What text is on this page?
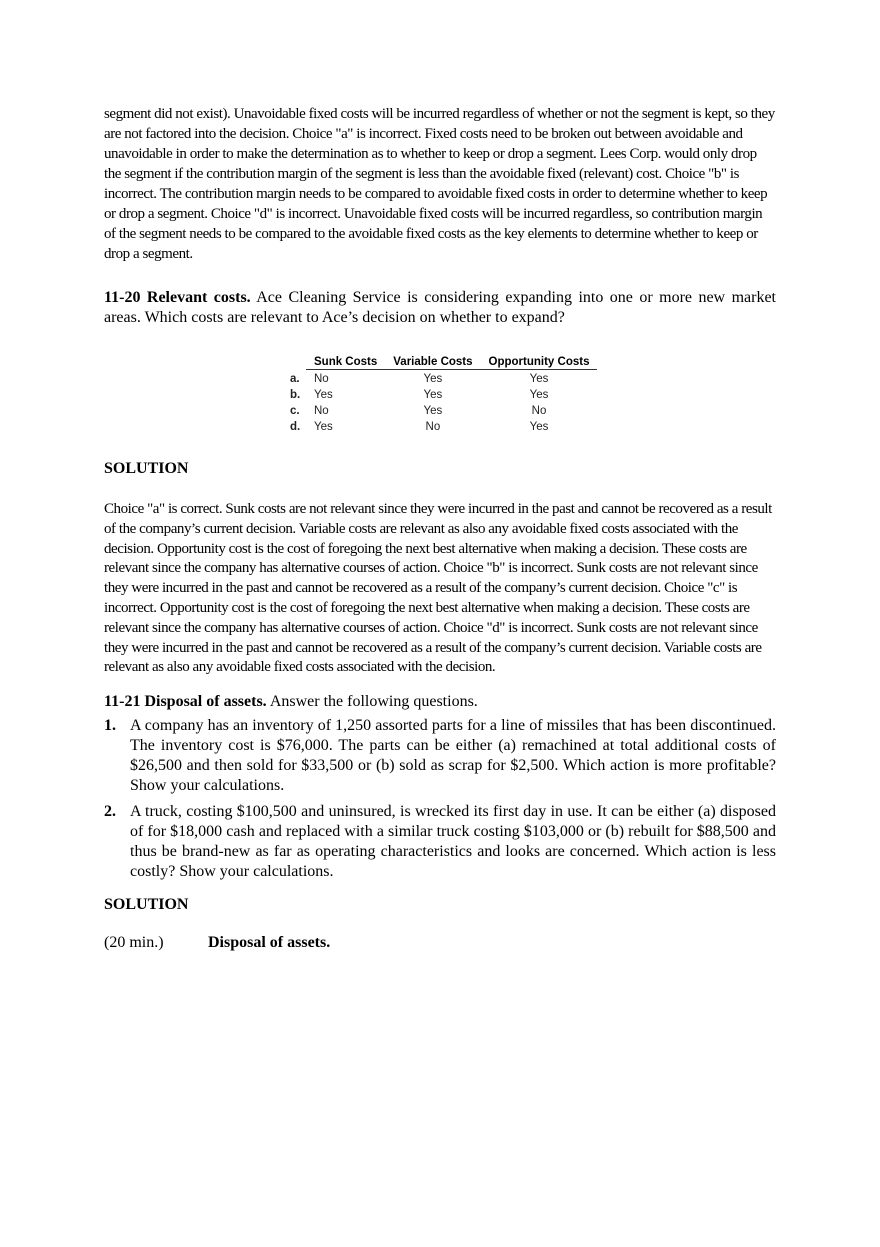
segment did not exist). Unavoidable fixed costs will be incurred regardless of whether or not the segment is kept, so they are not factored into the decision. Choice "a" is incorrect. Fixed costs need to be broken out between avoidable and unavoidable in order to make the determination as to whether to keep or drop a segment. Lees Corp. would only drop the segment if the contribution margin of the segment is less than the avoidable fixed (relevant) cost. Choice "b" is incorrect. The contribution margin needs to be compared to avoidable fixed costs in order to determine whether to keep or drop a segment. Choice "d" is incorrect. Unavoidable fixed costs will be incurred regardless, so contribution margin of the segment needs to be compared to the avoidable fixed costs as the key elements to determine whether to keep or drop a segment.

11-20 Relevant costs. Ace Cleaning Service is considering expanding into one or more new market areas. Which costs are relevant to Ace’s decision on whether to expand?

	Sunk Costs	Variable Costs	Opportunity Costs
a.	No	Yes	Yes
b.	Yes	Yes	Yes
c.	No	Yes	No
d.	Yes	No	Yes

SOLUTION

Choice "a" is correct. Sunk costs are not relevant since they were incurred in the past and cannot be recovered as a result of the company’s current decision. Variable costs are relevant as also any avoidable fixed costs associated with the decision. Opportunity cost is the cost of foregoing the next best alternative when making a decision. These costs are relevant since the company has alternative courses of action. Choice "b" is incorrect. Sunk costs are not relevant since they were incurred in the past and cannot be recovered as a result of the company’s current decision. Choice "c" is incorrect. Opportunity cost is the cost of foregoing the next best alternative when making a decision. These costs are relevant since the company has alternative courses of action. Choice "d" is incorrect. Sunk costs are not relevant since they were incurred in the past and cannot be recovered as a result of the company’s current decision. Variable costs are relevant as also any avoidable fixed costs associated with the decision.

11-21 Disposal of assets. Answer the following questions.

1. A company has an inventory of 1,250 assorted parts for a line of missiles that has been discontinued. The inventory cost is $76,000. The parts can be either (a) remachined at total additional costs of $26,500 and then sold for $33,500 or (b) sold as scrap for $2,500. Which action is more profitable? Show your calculations.
2. A truck, costing $100,500 and uninsured, is wrecked its first day in use. It can be either (a) disposed of for $18,000 cash and replaced with a similar truck costing $103,000 or (b) rebuilt for $88,500 and thus be brand-new as far as operating characteristics and looks are concerned. Which action is less costly? Show your calculations.

SOLUTION

(20 min.)	Disposal of assets.
